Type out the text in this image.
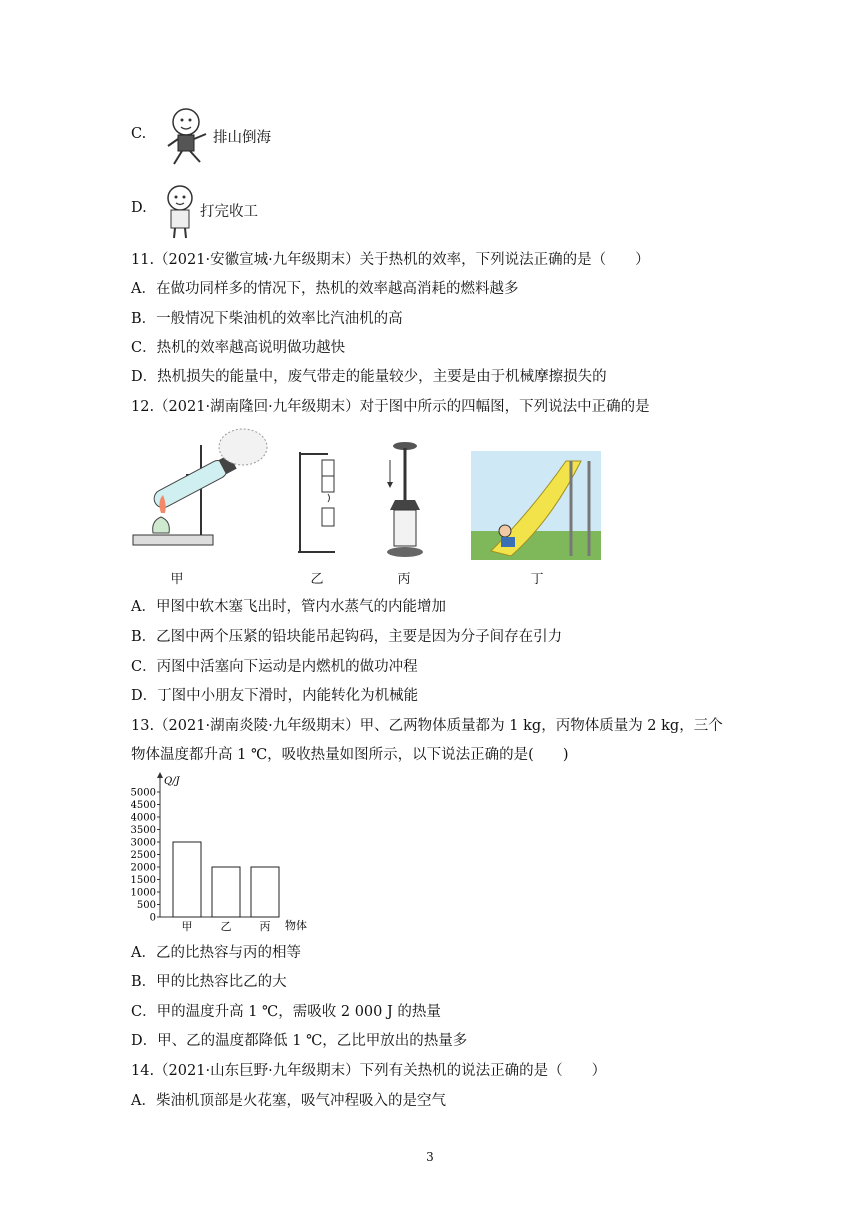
C.	排山倒海
D.	打完收工
11.（2021·安徽宣城·九年级期末）关于热机的效率，下列说法正确的是（　　）
A．在做功同样多的情况下，热机的效率越高消耗的燃料越多
B．一般情况下柴油机的效率比汽油机的高
C．热机的效率越高说明做功越快
D．热机损失的能量中，废气带走的能量较少，主要是由于机械摩擦损失的
12.（2021·湖南隆回·九年级期末）对于图中所示的四幅图，下列说法中正确的是
甲	乙	丙	丁
A．甲图中软木塞飞出时，管内水蒸气的内能增加
B．乙图中两个压紧的铅块能吊起钩码，主要是因为分子间存在引力
C．丙图中活塞向下运动是内燃机的做功冲程
D．丁图中小朋友下滑时，内能转化为机械能
13.（2021·湖南炎陵·九年级期末）甲、乙两物体质量都为 1 kg，丙物体质量为 2 kg，三个
物体温度都升高 1 ℃，吸收热量如图所示，以下说法正确的是(　　)
Q/J
物体
0
500
1000
1500
2000
2500
3000
3500
4000
4500
5000
甲	乙	丙
A．乙的比热容与丙的相等
B．甲的比热容比乙的大
C．甲的温度升高 1 ℃，需吸收 2 000 J 的热量
D．甲、乙的温度都降低 1 ℃，乙比甲放出的热量多
14.（2021·山东巨野·九年级期末）下列有关热机的说法正确的是（　　）
A．柴油机顶部是火花塞，吸气冲程吸入的是空气
3
